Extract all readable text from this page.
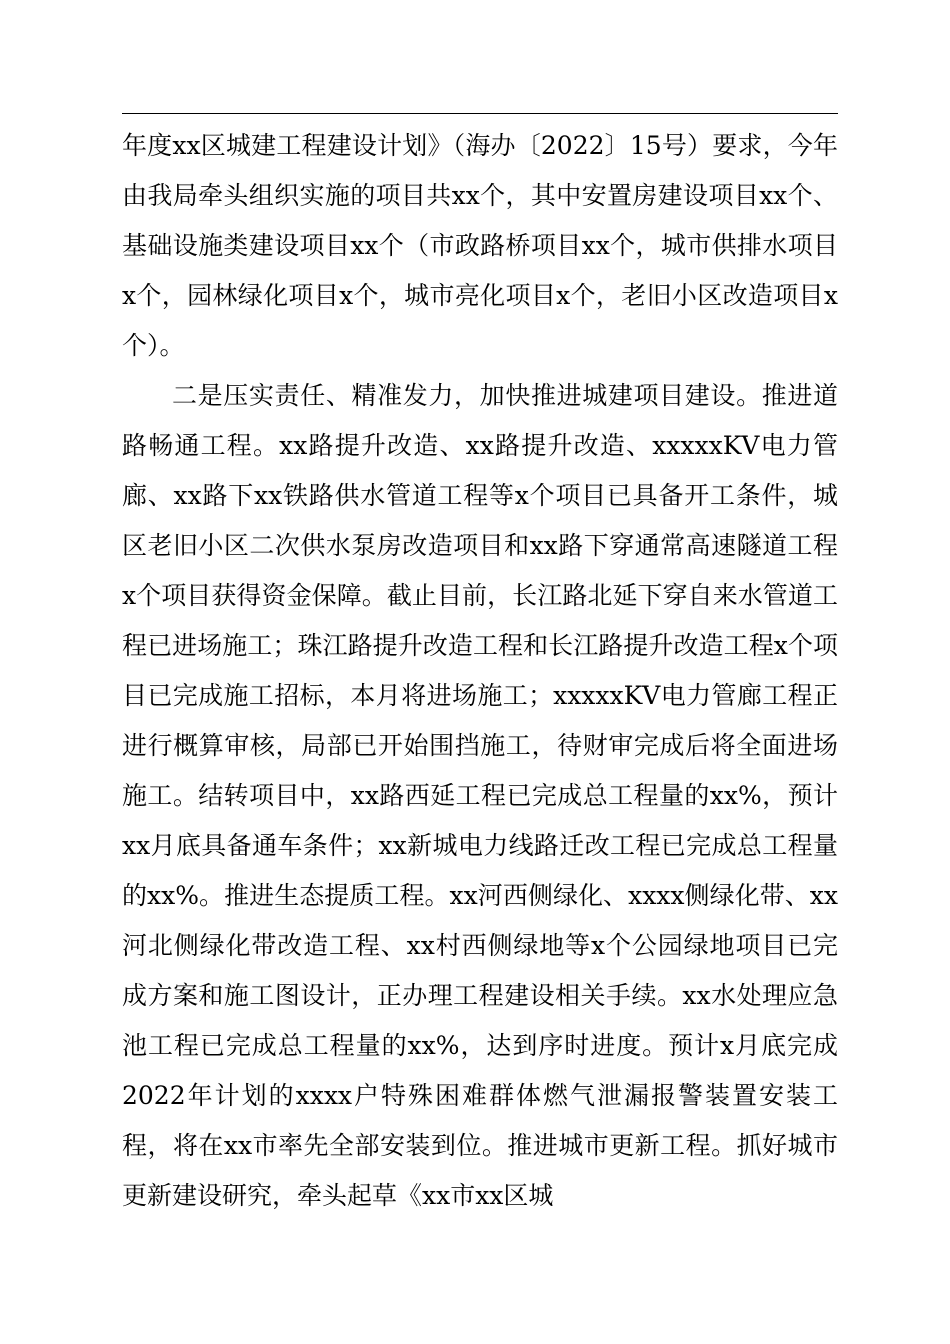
年度xx区城建工程建设计划》（海办〔2022〕15号）要求，今年由我局牵头组织实施的项目共xx个，其中安置房建设项目xx个、基础设施类建设项目xx个（市政路桥项目xx个，城市供排水项目x个，园林绿化项目x个，城市亮化项目x个，老旧小区改造项目x个）。

二是压实责任、精准发力，加快推进城建项目建设。推进道路畅通工程。xx路提升改造、xx路提升改造、xxxxxKV电力管廊、xx路下xx铁路供水管道工程等x个项目已具备开工条件，城区老旧小区二次供水泵房改造项目和xx路下穿通常高速隧道工程x个项目获得资金保障。截止目前，长江路北延下穿自来水管道工程已进场施工；珠江路提升改造工程和长江路提升改造工程x个项目已完成施工招标，本月将进场施工；xxxxxKV电力管廊工程正进行概算审核，局部已开始围挡施工，待财审完成后将全面进场施工。结转项目中，xx路西延工程已完成总工程量的xx%，预计xx月底具备通车条件；xx新城电力线路迁改工程已完成总工程量的xx%。推进生态提质工程。xx河西侧绿化、xxxx侧绿化带、xx河北侧绿化带改造工程、xx村西侧绿地等x个公园绿地项目已完成方案和施工图设计，正办理工程建设相关手续。xx水处理应急池工程已完成总工程量的xx%，达到序时进度。预计x月底完成2022年计划的xxxx户特殊困难群体燃气泄漏报警装置安装工程，将在xx市率先全部安装到位。推进城市更新工程。抓好城市更新建设研究，牵头起草《xx市xx区城
